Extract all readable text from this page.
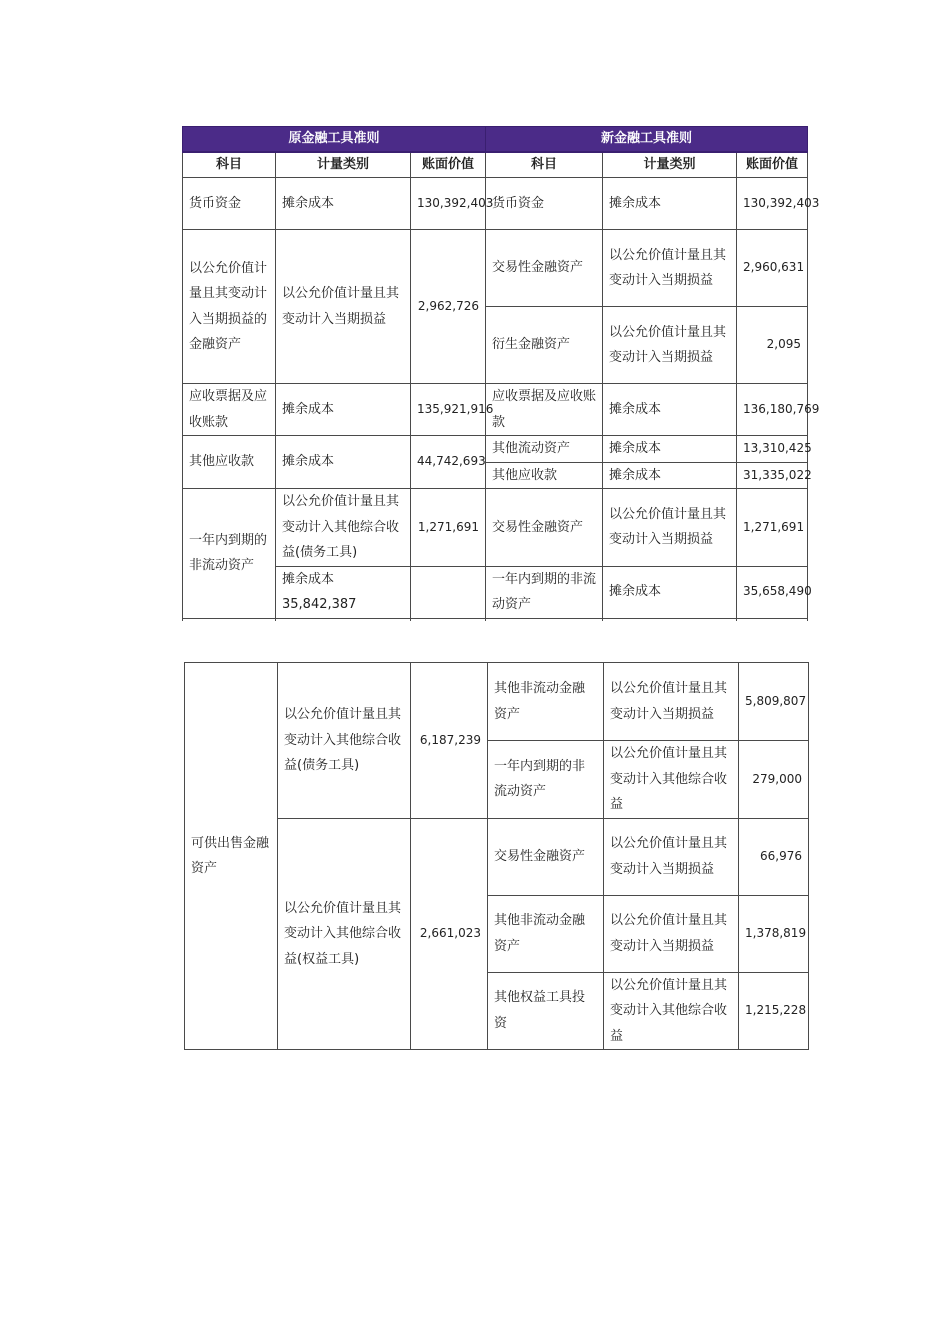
原金融工具准则			新金融工具准则		
科目	计量类别	账面价值	科目	计量类别	账面价值
货币资金	摊余成本	130,392,403	货币资金	摊余成本	130,392,403
以公允价值计量且其变动计入当期损益的金融资产	以公允价值计量且其变动计入当期损益	2,962,726	交易性金融资产	以公允价值计量且其变动计入当期损益	2,960,631
			衍生金融资产	以公允价值计量且其变动计入当期损益	2,095
应收票据及应收账款	摊余成本	135,921,916	应收票据及应收账款	摊余成本	136,180,769
其他应收款	摊余成本	44,742,693	其他流动资产	摊余成本	13,310,425
			其他应收款	摊余成本	31,335,022
一年内到期的非流动资产	以公允价值计量且其变动计入其他综合收益(债务工具)	1,271,691	交易性金融资产	以公允价值计量且其变动计入当期损益	1,271,691
	摊余成本 35,842,387		一年内到期的非流动资产	摊余成本	35,658,490

可供出售金融资产	以公允价值计量且其变动计入其他综合收益(债务工具)	6,187,239	其他非流动金融资产	以公允价值计量且其变动计入当期损益	5,809,807
			一年内到期的非流动资产	以公允价值计量且其变动计入其他综合收益	279,000
	以公允价值计量且其变动计入其他综合收益(权益工具)	2,661,023	交易性金融资产	以公允价值计量且其变动计入当期损益	66,976
			其他非流动金融资产	以公允价值计量且其变动计入当期损益	1,378,819
			其他权益工具投资	以公允价值计量且其变动计入其他综合收益	1,215,228
